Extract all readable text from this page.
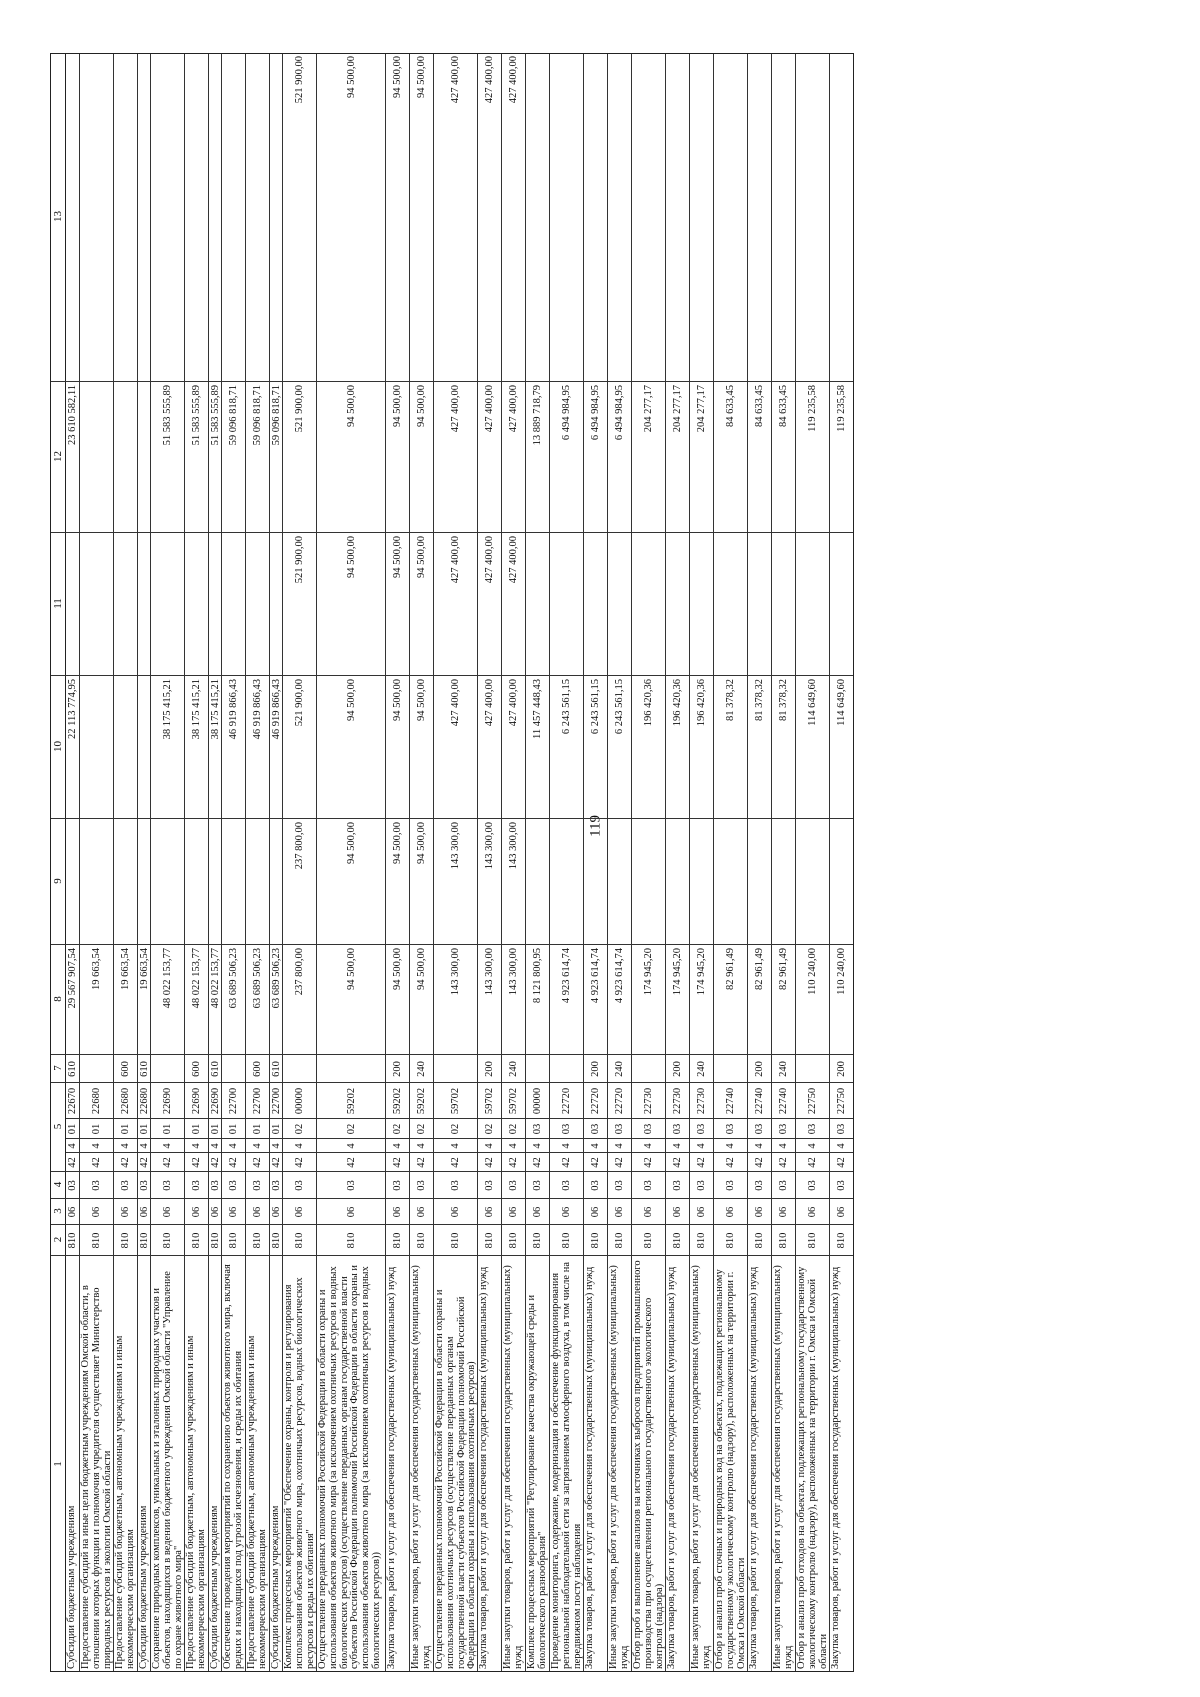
119
1
2
3
4
5
7
8
9
10
11
12
13
Субсидии бюджетным учреждениям
810
06
03
42
4
01
22670
610
29 567 907,54
22 113 774,95
23 610 582,11
Предоставление субсидий на иные цели бюджетным учреждениям Омской области, в отношении которых функции и полномочия учредителя осуществляет Министерство природных ресурсов и экологии Омской области
810
06
03
42
4
01
22680
19 663,54
Предоставление субсидий бюджетным, автономным учреждениям и иным некоммерческим организациям
810
06
03
42
4
01
22680
600
19 663,54
Субсидии бюджетным учреждениям
810
06
03
42
4
01
22680
610
19 663,54
Сохранение природных комплексов, уникальных и эталонных природных участков и объектов, находящихся в ведении бюджетного учреждения Омской области "Управление по охране животного мира"
810
06
03
42
4
01
22690
48 022 153,77
38 175 415,21
51 583 555,89
Предоставление субсидий бюджетным, автономным учреждениям и иным некоммерческим организациям
810
06
03
42
4
01
22690
600
48 022 153,77
38 175 415,21
51 583 555,89
Субсидии бюджетным учреждениям
810
06
03
42
4
01
22690
610
48 022 153,77
38 175 415,21
51 583 555,89
Обеспечение проведения мероприятий по сохранению объектов животного мира, включая редких и находящихся под угрозой исчезновения, и среды их обитания
810
06
03
42
4
01
22700
63 689 506,23
46 919 866,43
59 096 818,71
Предоставление субсидий бюджетным, автономным учреждениям и иным некоммерческим организациям
810
06
03
42
4
01
22700
600
63 689 506,23
46 919 866,43
59 096 818,71
Субсидии бюджетным учреждениям
810
06
03
42
4
01
22700
610
63 689 506,23
46 919 866,43
59 096 818,71
Комплекс процессных мероприятий "Обеспечение охраны, контроля и регулирования использования объектов животного мира, охотничьих ресурсов, водных биологических ресурсов и среды их обитания"
810
06
03
42
4
02
00000
237 800,00
237 800,00
521 900,00
521 900,00
521 900,00
521 900,00
Осуществление переданных полномочий Российской Федерации в области охраны и использования объектов животного мира (за исключением охотничьих ресурсов и водных биологических ресурсов) (осуществление переданных органам государственной власти субъектов Российской Федерации полномочий Российской Федерации в области охраны и использования объектов животного мира (за исключением охотничьих ресурсов и водных биологических ресурсов))
810
06
03
42
4
02
59202
94 500,00
94 500,00
94 500,00
94 500,00
94 500,00
94 500,00
Закупка товаров, работ и услуг для обеспечения государственных (муниципальных) нужд
810
06
03
42
4
02
59202
200
94 500,00
94 500,00
94 500,00
94 500,00
94 500,00
94 500,00
Иные закупки товаров, работ и услуг для обеспечения государственных (муниципальных) нужд
810
06
03
42
4
02
59202
240
94 500,00
94 500,00
94 500,00
94 500,00
94 500,00
94 500,00
Осуществление переданных полномочий Российской Федерации в области охраны и использования охотничьих ресурсов (осуществление переданных органам государственной власти субъектов Российской Федерации полномочий Российской Федерации в области охраны и использования охотничьих ресурсов)
810
06
03
42
4
02
59702
143 300,00
143 300,00
427 400,00
427 400,00
427 400,00
427 400,00
Закупка товаров, работ и услуг для обеспечения государственных (муниципальных) нужд
810
06
03
42
4
02
59702
200
143 300,00
143 300,00
427 400,00
427 400,00
427 400,00
427 400,00
Иные закупки товаров, работ и услуг для обеспечения государственных (муниципальных) нужд
810
06
03
42
4
02
59702
240
143 300,00
143 300,00
427 400,00
427 400,00
427 400,00
427 400,00
Комплекс процессных мероприятий "Регулирование качества окружающей среды и биологического разнообразия"
810
06
03
42
4
03
00000
8 121 800,95
11 457 448,43
13 889 718,79
Проведение мониторинга, содержание, модернизация и обеспечение функционирования региональной наблюдательной сети за загрязнением атмосферного воздуха, в том числе на передвижном посту наблюдения
810
06
03
42
4
03
22720
4 923 614,74
6 243 561,15
6 494 984,95
Закупка товаров, работ и услуг для обеспечения государственных (муниципальных) нужд
810
06
03
42
4
03
22720
200
4 923 614,74
6 243 561,15
6 494 984,95
Иные закупки товаров, работ и услуг для обеспечения государственных (муниципальных) нужд
810
06
03
42
4
03
22720
240
4 923 614,74
6 243 561,15
6 494 984,95
Отбор проб и выполнение анализов на источниках выбросов предприятий промышленного производства при осуществлении регионального государственного экологического контроля (надзора)
810
06
03
42
4
03
22730
174 945,20
196 420,36
204 277,17
Закупка товаров, работ и услуг для обеспечения государственных (муниципальных) нужд
810
06
03
42
4
03
22730
200
174 945,20
196 420,36
204 277,17
Иные закупки товаров, работ и услуг для обеспечения государственных (муниципальных) нужд
810
06
03
42
4
03
22730
240
174 945,20
196 420,36
204 277,17
Отбор и анализ проб сточных и природных вод на объектах, подлежащих региональному государственному экологическому контролю (надзору), расположенных на территории г. Омска и Омской области
810
06
03
42
4
03
22740
82 961,49
81 378,32
84 633,45
Закупка товаров, работ и услуг для обеспечения государственных (муниципальных) нужд
810
06
03
42
4
03
22740
200
82 961,49
81 378,32
84 633,45
Иные закупки товаров, работ и услуг для обеспечения государственных (муниципальных) нужд
810
06
03
42
4
03
22740
240
82 961,49
81 378,32
84 633,45
Отбор и анализ проб отходов на объектах, подлежащих региональному государственному экологическому контролю (надзору), расположенных на территории г. Омска и Омской области
810
06
03
42
4
03
22750
110 240,00
114 649,60
119 235,58
Закупка товаров, работ и услуг для обеспечения государственных (муниципальных) нужд
810
06
03
42
4
03
22750
200
110 240,00
114 649,60
119 235,58
